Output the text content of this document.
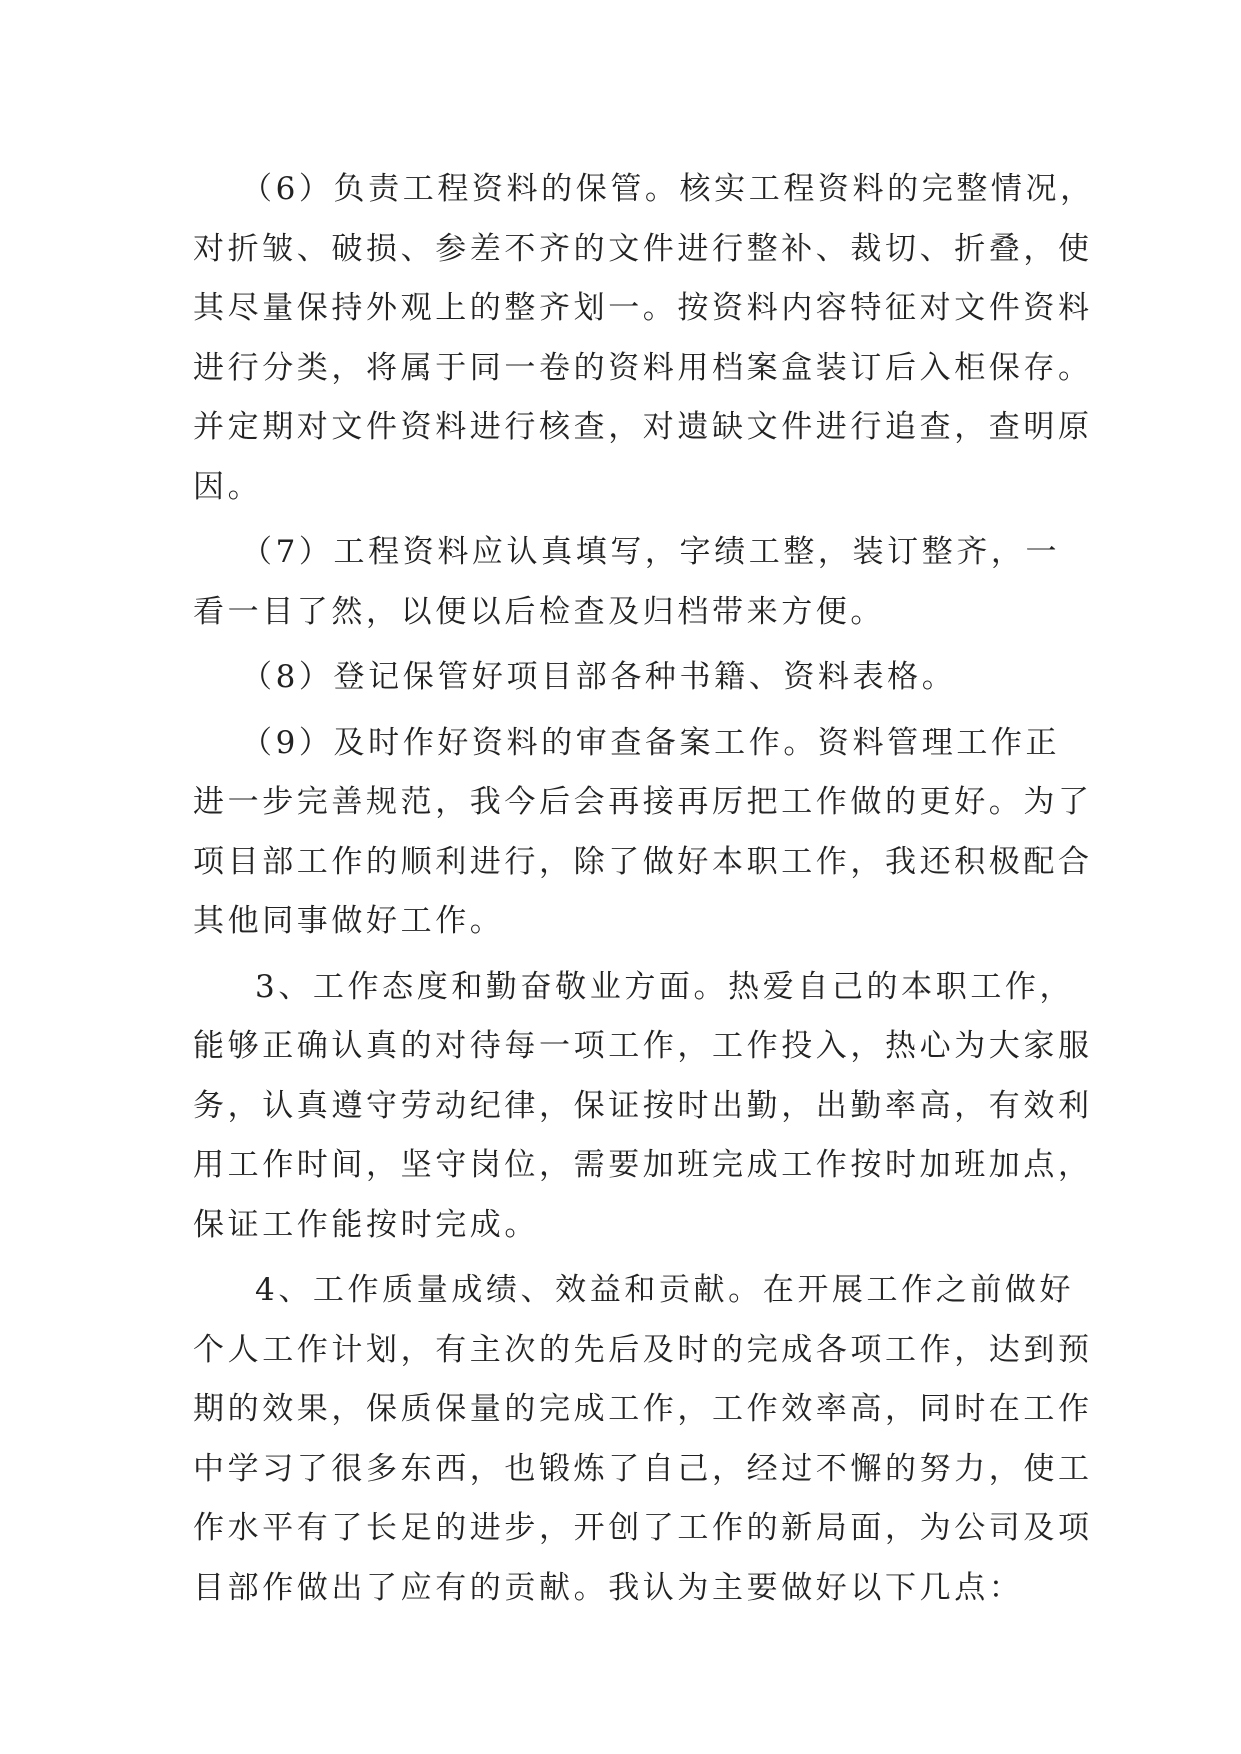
（6）负责工程资料的保管。核实工程资料的完整情况，
对折皱、破损、参差不齐的文件进行整补、裁切、折叠，使
其尽量保持外观上的整齐划一。按资料内容特征对文件资料
进行分类，将属于同一卷的资料用档案盒装订后入柜保存。
并定期对文件资料进行核查，对遗缺文件进行追查，查明原
因。
（7）工程资料应认真填写，字绩工整，装订整齐，一
看一目了然，以便以后检查及归档带来方便。
（8）登记保管好项目部各种书籍、资料表格。
（9）及时作好资料的审查备案工作。资料管理工作正
进一步完善规范，我今后会再接再厉把工作做的更好。为了
项目部工作的顺利进行，除了做好本职工作，我还积极配合
其他同事做好工作。
3、工作态度和勤奋敬业方面。热爱自己的本职工作，
能够正确认真的对待每一项工作，工作投入，热心为大家服
务，认真遵守劳动纪律，保证按时出勤，出勤率高，有效利
用工作时间，坚守岗位，需要加班完成工作按时加班加点，
保证工作能按时完成。
4、工作质量成绩、效益和贡献。在开展工作之前做好
个人工作计划，有主次的先后及时的完成各项工作，达到预
期的效果，保质保量的完成工作，工作效率高，同时在工作
中学习了很多东西，也锻炼了自己，经过不懈的努力，使工
作水平有了长足的进步，开创了工作的新局面，为公司及项
目部作做出了应有的贡献。我认为主要做好以下几点：
